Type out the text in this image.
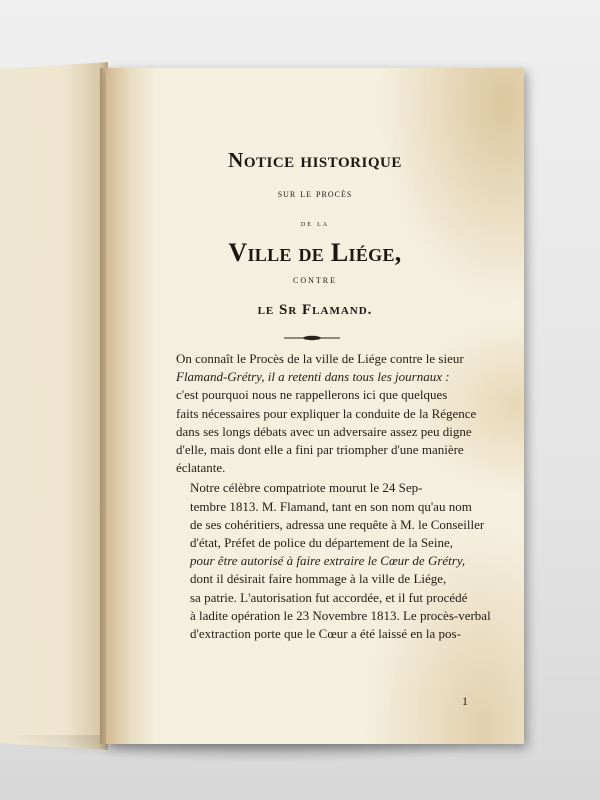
Notice historique
sur le procès
de la
Ville de Liége,
contre
le Sr Flamand.

On connaît le Procès de la ville de Liége contre le sieur
Flamand-Grétry, il a retenti dans tous les journaux :
c'est pourquoi nous ne rappellerons ici que quelques
faits nécessaires pour expliquer la conduite de la Régence
dans ses longs débats avec un adversaire assez peu digne
d'elle, mais dont elle a fini par triompher d'une manière
éclatante.

Notre célèbre compatriote mourut le 24 Sep-
tembre 1813. M. Flamand, tant en son nom qu'au nom
de ses cohéritiers, adressa une requête à M. le Conseiller
d'état, Préfet de police du département de la Seine,
pour être autorisé à faire extraire le Cœur de Grétry,
dont il désirait faire hommage à la ville de Liége,
sa patrie. L'autorisation fut accordée, et il fut procédé
à ladite opération le 23 Novembre 1813. Le procès-verbal
d'extraction porte que le Cœur a été laissé en la pos-

1
